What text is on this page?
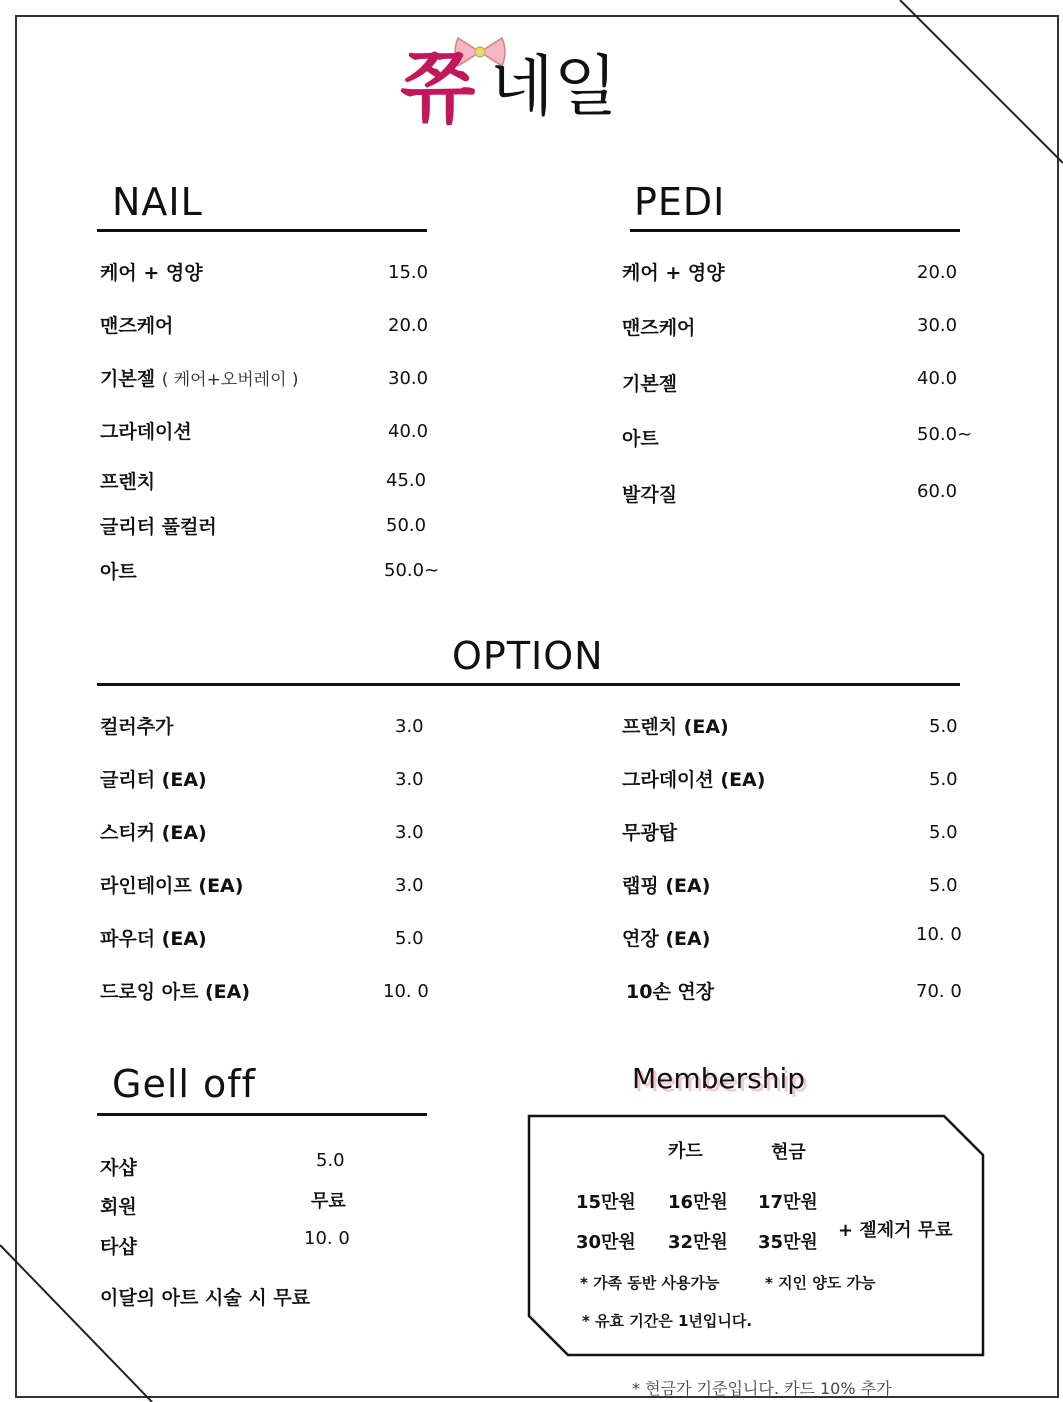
쮸 네일
NAIL
케어 + 영양	15.0
맨즈케어	20.0
기본젤 ( 케어+오버레이 )	30.0
그라데이션	40.0
프렌치	45.0
글리터 풀컬러	50.0
아트	50.0~
PEDI
케어 + 영양	20.0
맨즈케어	30.0
기본젤	40.0
아트	50.0~
발각질	60.0
OPTION
컬러추가	3.0
글리터 (EA)	3.0
스티커 (EA)	3.0
라인테이프 (EA)	3.0
파우더 (EA)	5.0
드로잉 아트 (EA)	10. 0
프렌치 (EA)	5.0
그라데이션 (EA)	5.0
무광탑	5.0
랩핑 (EA)	5.0
연장 (EA)	10. 0
10손 연장	70. 0
Gell off
자샵	5.0
회원	무료
타샵	10. 0
이달의 아트 시술 시 무료
Membership
카드	현금
15만원 16만원 17만원
30만원 32만원 35만원
+ 젤제거 무료
* 가족 동반 사용가능	* 지인 양도 가능
* 유효 기간은 1년입니다.
* 현금가 기준입니다. 카드 10% 추가
